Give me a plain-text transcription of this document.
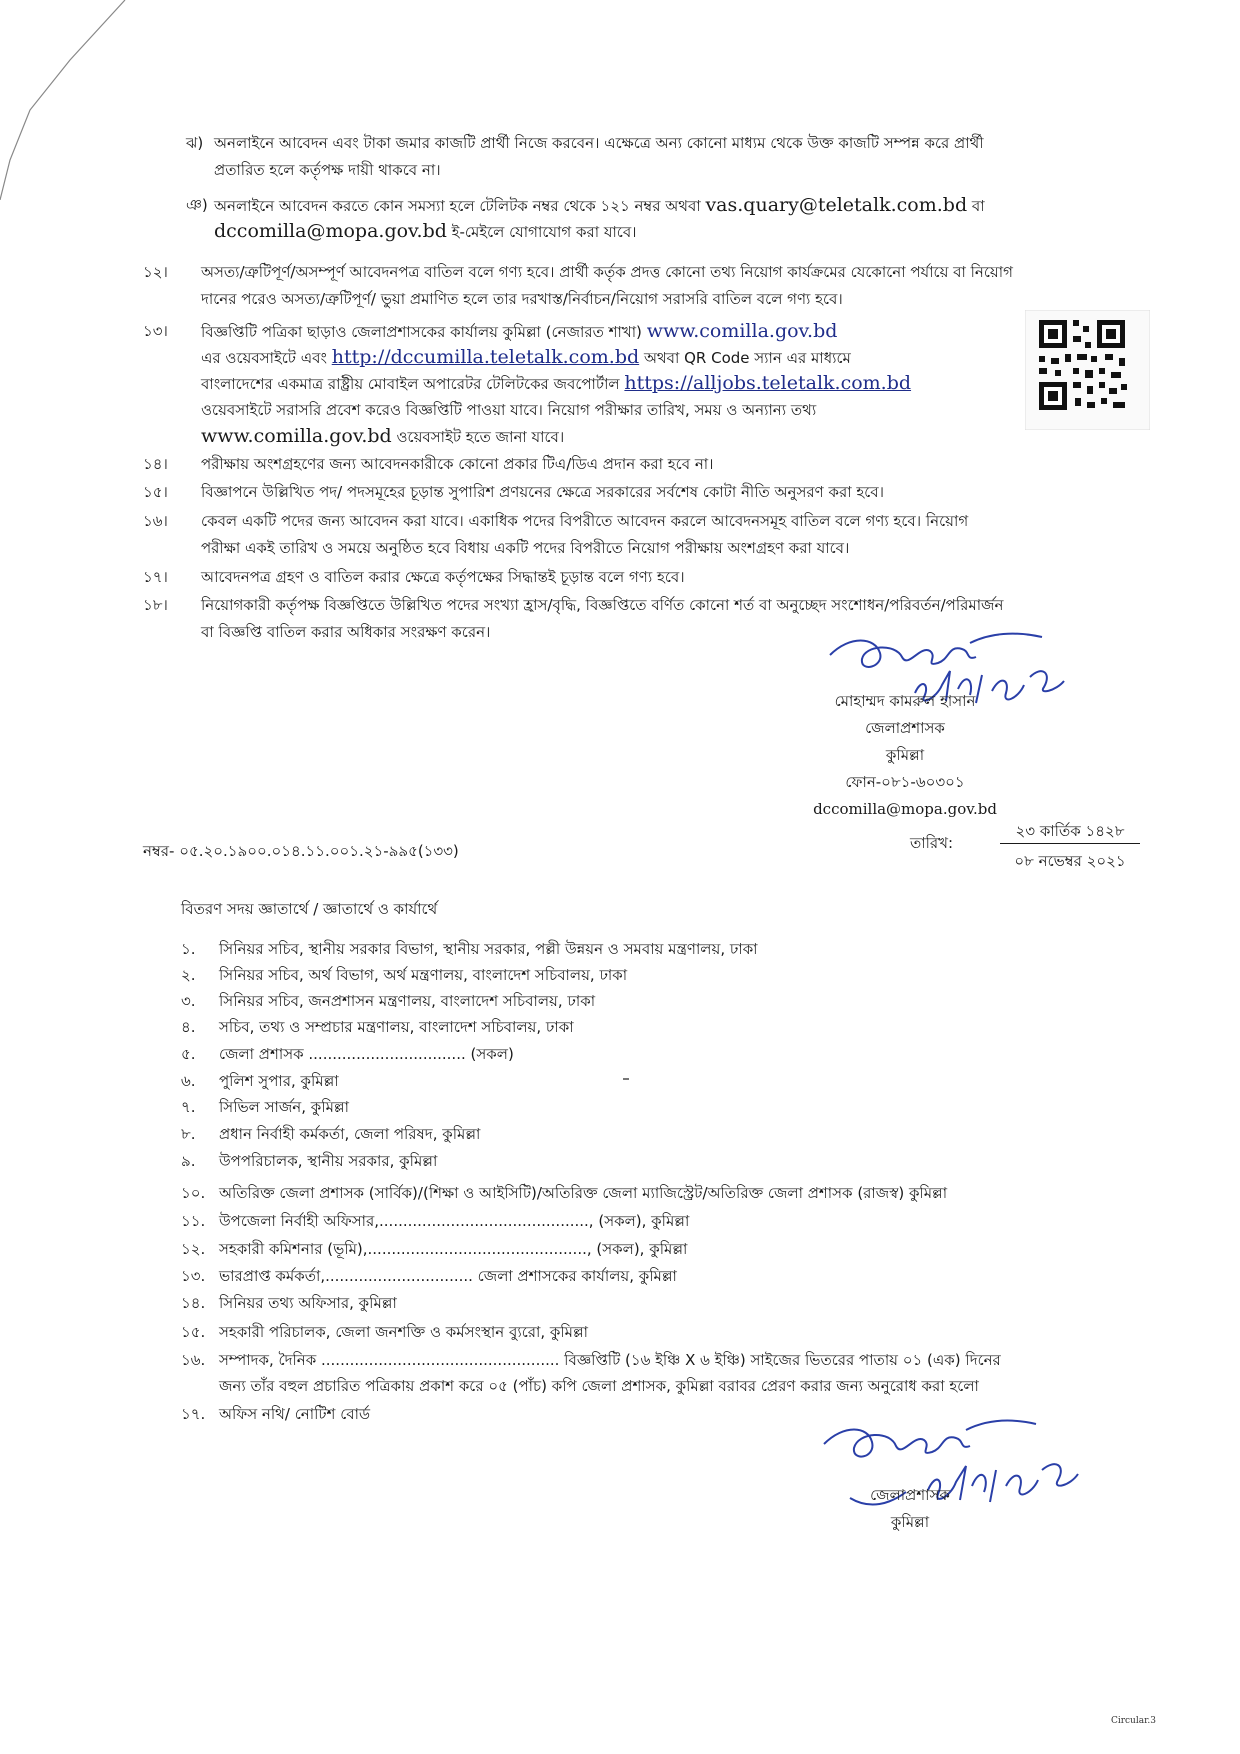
ঝ) অনলাইনে আবেদন এবং টাকা জমার কাজটি প্রার্থী নিজে করবেন। এক্ষেত্রে অন্য কোনো মাধ্যম থেকে উক্ত কাজটি সম্পন্ন করে প্রার্থী
প্রতারিত হলে কর্তৃপক্ষ দায়ী থাকবে না।
ঞ) অনলাইনে আবেদন করতে কোন সমস্যা হলে টেলিটক নম্বর থেকে ১২১ নম্বর অথবা vas.quary@teletalk.com.bd বা
dccomilla@mopa.gov.bd ই-মেইলে যোগাযোগ করা যাবে।
১২। অসত্য/ত্রুটিপূর্ণ/অসম্পূর্ণ আবেদনপত্র বাতিল বলে গণ্য হবে। প্রার্থী কর্তৃক প্রদত্ত কোনো তথ্য নিয়োগ কার্যক্রমের যেকোনো পর্যায়ে বা নিয়োগ
দানের পরেও অসত্য/ত্রুটিপূর্ণ/ ভুয়া প্রমাণিত হলে তার দরখাস্ত/নির্বাচন/নিয়োগ সরাসরি বাতিল বলে গণ্য হবে।
১৩। বিজ্ঞপ্তিটি পত্রিকা ছাড়াও জেলাপ্রশাসকের কার্যালয় কুমিল্লা (নেজারত শাখা) www.comilla.gov.bd
এর ওয়েবসাইটে এবং http://dccumilla.teletalk.com.bd অথবা QR Code স্যান এর মাধ্যমে
বাংলাদেশের একমাত্র রাষ্ট্রীয় মোবাইল অপারেটর টেলিটকের জবপোর্টাল https://alljobs.teletalk.com.bd
ওয়েবসাইটে সরাসরি প্রবেশ করেও বিজ্ঞপ্তিটি পাওয়া যাবে। নিয়োগ পরীক্ষার তারিখ, সময় ও অন্যান্য তথ্য
www.comilla.gov.bd ওয়েবসাইট হতে জানা যাবে।
১৪। পরীক্ষায় অংশগ্রহণের জন্য আবেদনকারীকে কোনো প্রকার টিএ/ডিএ প্রদান করা হবে না।
১৫। বিজ্ঞাপনে উল্লিখিত পদ/ পদসমূহের চূড়ান্ত সুপারিশ প্রণয়নের ক্ষেত্রে সরকারের সর্বশেষ কোটা নীতি অনুসরণ করা হবে।
১৬। কেবল একটি পদের জন্য আবেদন করা যাবে। একাধিক পদের বিপরীতে আবেদন করলে আবেদনসমূহ বাতিল বলে গণ্য হবে। নিয়োগ
পরীক্ষা একই তারিখ ও সময়ে অনুষ্ঠিত হবে বিধায় একটি পদের বিপরীতে নিয়োগ পরীক্ষায় অংশগ্রহণ করা যাবে।
১৭। আবেদনপত্র গ্রহণ ও বাতিল করার ক্ষেত্রে কর্তৃপক্ষের সিদ্ধান্তই চূড়ান্ত বলে গণ্য হবে।
১৮। নিয়োগকারী কর্তৃপক্ষ বিজ্ঞপ্তিতে উল্লিখিত পদের সংখ্যা হ্রাস/বৃদ্ধি, বিজ্ঞপ্তিতে বর্ণিত কোনো শর্ত বা অনুচ্ছেদ সংশোধন/পরিবর্তন/পরিমার্জন
বা বিজ্ঞপ্তি বাতিল করার অধিকার সংরক্ষণ করেন।
মোহাম্মদ কামরুল হাসান
জেলাপ্রশাসক
কুমিল্লা
ফোন-০৮১-৬০৩০১
dccomilla@mopa.gov.bd
নম্বর- ০৫.২০.১৯০০.০১৪.১১.০০১.২১-৯৯৫(১৩৩)	তারিখ:
২৩ কার্তিক ১৪২৮
০৮ নভেম্বর ২০২১
বিতরণ সদয় জ্ঞাতার্থে / জ্ঞাতার্থে ও কার্যার্থে
১. সিনিয়র সচিব, স্থানীয় সরকার বিভাগ, স্থানীয় সরকার, পল্লী উন্নয়ন ও সমবায় মন্ত্রণালয়, ঢাকা
২. সিনিয়র সচিব, অর্থ বিভাগ, অর্থ মন্ত্রণালয়, বাংলাদেশ সচিবালয়, ঢাকা
৩. সিনিয়র সচিব, জনপ্রশাসন মন্ত্রণালয়, বাংলাদেশ সচিবালয়, ঢাকা
৪. সচিব, তথ্য ও সম্প্রচার মন্ত্রণালয়, বাংলাদেশ সচিবালয়, ঢাকা
৫. জেলা প্রশাসক ................................. (সকল)
৬. পুলিশ সুপার, কুমিল্লা
৭. সিভিল সার্জন, কুমিল্লা
৮. প্রধান নির্বাহী কর্মকর্তা, জেলা পরিষদ, কুমিল্লা
৯. উপপরিচালক, স্থানীয় সরকার, কুমিল্লা
১০. অতিরিক্ত জেলা প্রশাসক (সার্বিক)/(শিক্ষা ও আইসিটি)/অতিরিক্ত জেলা ম্যাজিস্ট্রেট/অতিরিক্ত জেলা প্রশাসক (রাজস্ব) কুমিল্লা
১১. উপজেলা নির্বাহী অফিসার,............................................, (সকল), কুমিল্লা
১২. সহকারী কমিশনার (ভূমি),.............................................., (সকল), কুমিল্লা
১৩. ভারপ্রাপ্ত কর্মকর্তা,............................... জেলা প্রশাসকের কার্যালয়, কুমিল্লা
১৪. সিনিয়র তথ্য অফিসার, কুমিল্লা
১৫. সহকারী পরিচালক, জেলা জনশক্তি ও কর্মসংস্থান ব্যুরো, কুমিল্লা
১৬. সম্পাদক, দৈনিক .................................................. বিজ্ঞপ্তিটি (১৬ ইঞ্চি X ৬ ইঞ্চি) সাইজের ভিতরের পাতায় ০১ (এক) দিনের
জন্য তাঁর বহুল প্রচারিত পত্রিকায় প্রকাশ করে ০৫ (পাঁচ) কপি জেলা প্রশাসক, কুমিল্লা বরাবর প্রেরণ করার জন্য অনুরোধ করা হলো
১৭. অফিস নথি/ নোটিশ বোর্ড
জেলাপ্রশাসক
কুমিল্লা
Circular.3
